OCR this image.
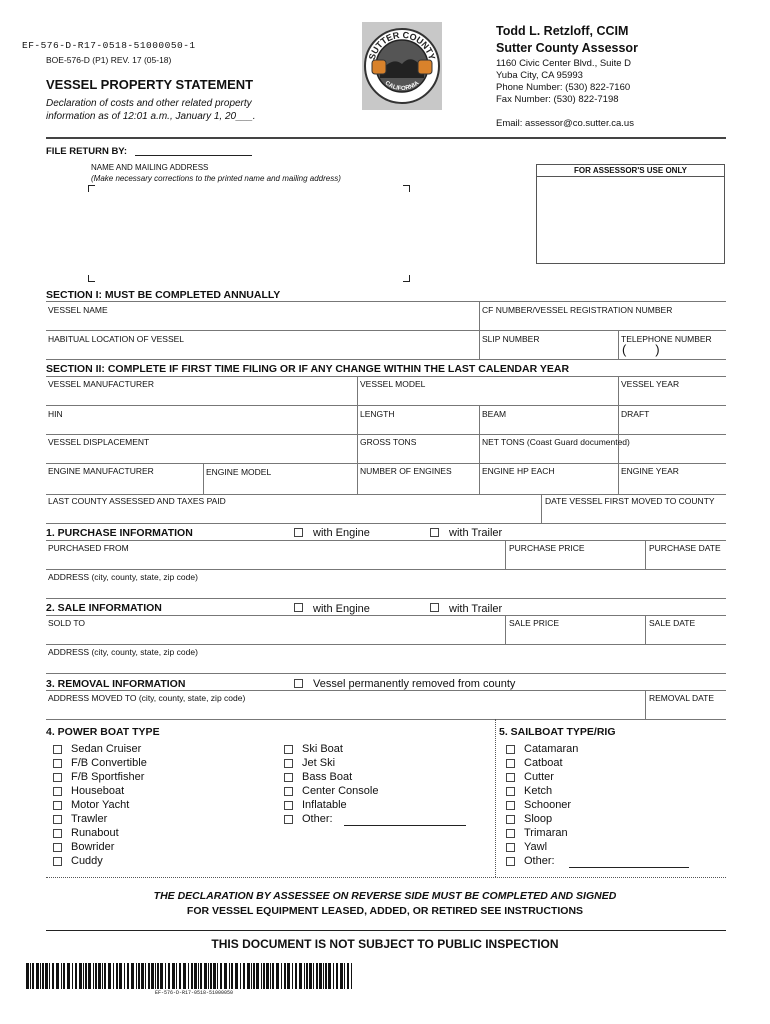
EF-576-D-R17-0518-51000050-1
BOE-576-D (P1) REV. 17 (05-18)
VESSEL PROPERTY STATEMENT
Declaration of costs and other related property
information as of 12:01 a.m., January 1, 20___.
SUTTER COUNTY
CALIFORNIA
Todd L. Retzloff, CCIM
Sutter County Assessor
1160 Civic Center Blvd., Suite D
Yuba City, CA 95993
Phone Number: (530) 822-7160
Fax Number: (530) 822-7198
Email: assessor@co.sutter.ca.us
FILE RETURN BY:
NAME AND MAILING ADDRESS
(Make necessary corrections to the printed name and mailing address)
FOR ASSESSOR'S USE ONLY
SECTION I: MUST BE COMPLETED ANNUALLY
VESSEL NAME	CF NUMBER/VESSEL REGISTRATION NUMBER
HABITUAL LOCATION OF VESSEL	SLIP NUMBER	TELEPHONE NUMBER
(        )
SECTION II: COMPLETE IF FIRST TIME FILING OR IF ANY CHANGE WITHIN THE LAST CALENDAR YEAR
VESSEL MANUFACTURER	VESSEL MODEL	VESSEL YEAR
HIN	LENGTH	BEAM	DRAFT
VESSEL DISPLACEMENT	GROSS TONS	NET TONS (Coast Guard documented)
ENGINE MANUFACTURER	ENGINE MODEL	NUMBER OF ENGINES	ENGINE HP EACH	ENGINE YEAR
LAST COUNTY ASSESSED AND TAXES PAID	DATE VESSEL FIRST MOVED TO COUNTY
1. PURCHASE INFORMATION	with Engine	with Trailer
PURCHASED FROM	PURCHASE PRICE	PURCHASE DATE
ADDRESS (city, county, state, zip code)
2. SALE INFORMATION	with Engine	with Trailer
SOLD TO	SALE PRICE	SALE DATE
ADDRESS (city, county, state, zip code)
3. REMOVAL INFORMATION	Vessel permanently removed from county
ADDRESS MOVED TO (city, county, state, zip code)	REMOVAL DATE
4. POWER BOAT TYPE	5. SAILBOAT TYPE/RIG
Sedan Cruiser
F/B Convertible
F/B Sportfisher
Houseboat
Motor Yacht
Trawler
Runabout
Bowrider
Cuddy
Ski Boat
Jet Ski
Bass Boat
Center Console
Inflatable
Other:
Catamaran
Catboat
Cutter
Ketch
Schooner
Sloop
Trimaran
Yawl
Other:
THE DECLARATION BY ASSESSEE ON REVERSE SIDE MUST BE COMPLETED AND SIGNED
FOR VESSEL EQUIPMENT LEASED, ADDED, OR RETIRED SEE INSTRUCTIONS
THIS DOCUMENT IS NOT SUBJECT TO PUBLIC INSPECTION
EF-576-D-R17-0518-51000050
